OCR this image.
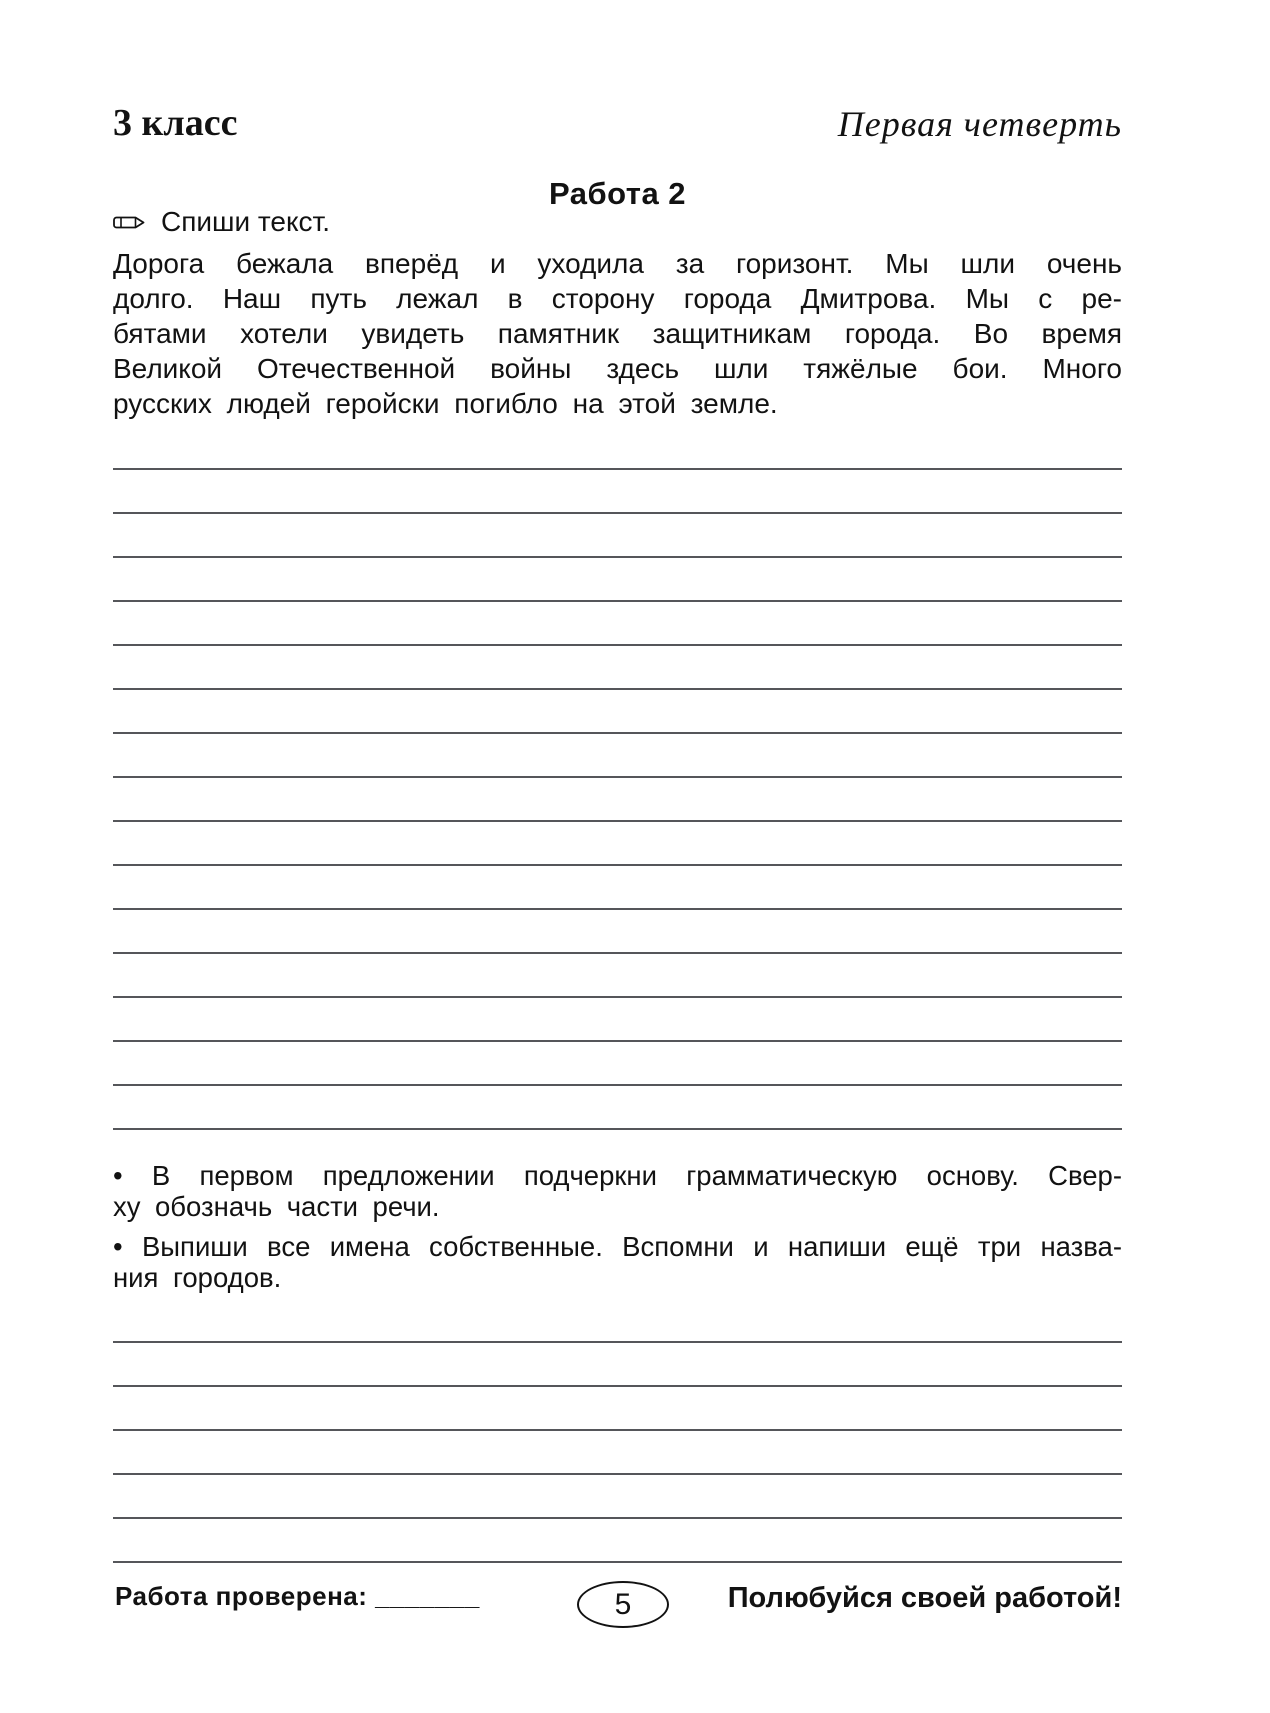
3 класс	Первая четверть
Работа 2
Спиши текст.
Дорога бежала вперёд и уходила за горизонт. Мы шли очень
долго. Наш путь лежал в сторону города Дмитрова. Мы с ре-
бятами хотели увидеть памятник защитникам города. Во время
Великой Отечественной войны здесь шли тяжёлые бои. Много
русских людей геройски погибло на этой земле.
• В первом предложении подчеркни грамматическую основу. Свер-
ху обозначь части речи.
• Выпиши все имена собственные. Вспомни и напиши ещё три назва-
ния городов.
Работа проверена: _______	5	Полюбуйся своей работой!
